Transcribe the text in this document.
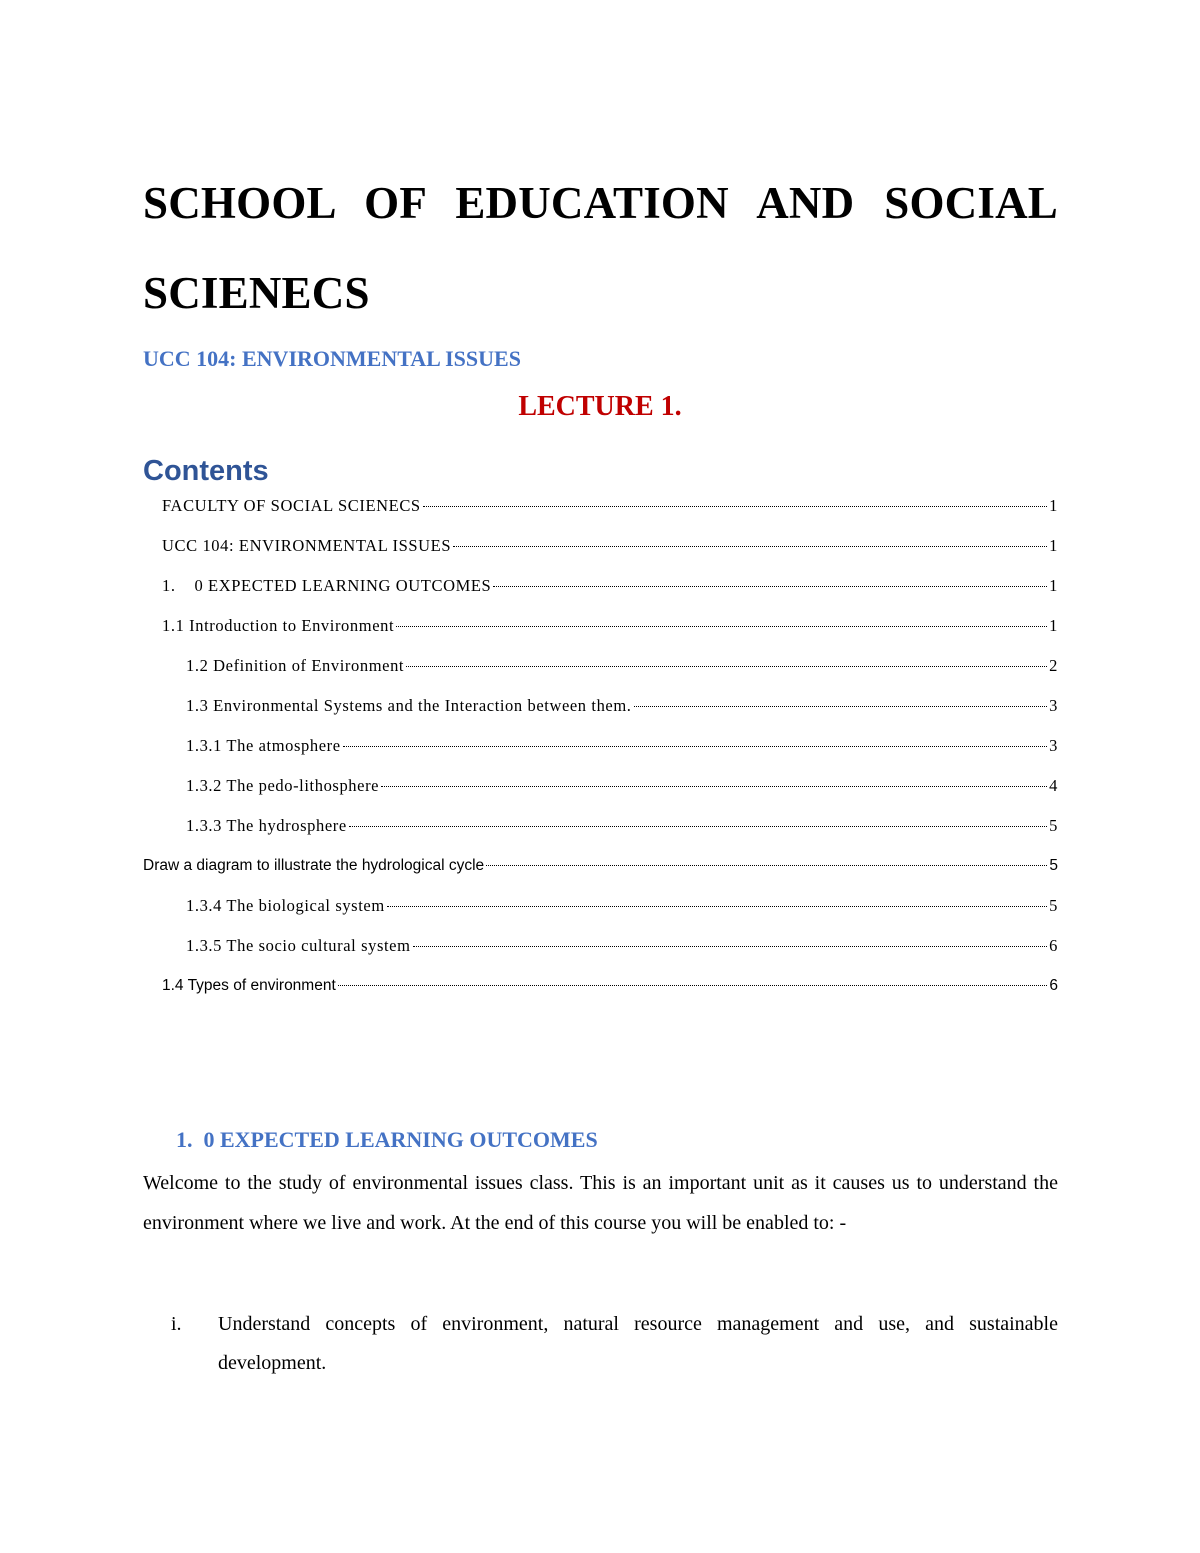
SCHOOL OF EDUCATION AND SOCIAL SCIENECS
UCC 104: ENVIRONMENTAL ISSUES
LECTURE 1.
Contents
FACULTY OF SOCIAL SCIENECS	1
UCC 104: ENVIRONMENTAL ISSUES	1
1.    0 EXPECTED LEARNING OUTCOMES	1
1.1 Introduction to Environment	1
1.2 Definition of Environment	2
1.3 Environmental Systems and the Interaction between them.	3
1.3.1 The atmosphere	3
1.3.2 The pedo-lithosphere	4
1.3.3 The hydrosphere	5
Draw a diagram to illustrate the hydrological cycle	5
1.3.4 The biological system	5
1.3.5 The socio cultural system	6
1.4 Types of environment	6
1.  0 EXPECTED LEARNING OUTCOMES

Welcome to the study of environmental issues class. This is an important unit as it causes us to understand the environment where we live and work. At the end of this course you will be enabled to: -

i. Understand concepts of environment, natural resource management and use, and sustainable development.
